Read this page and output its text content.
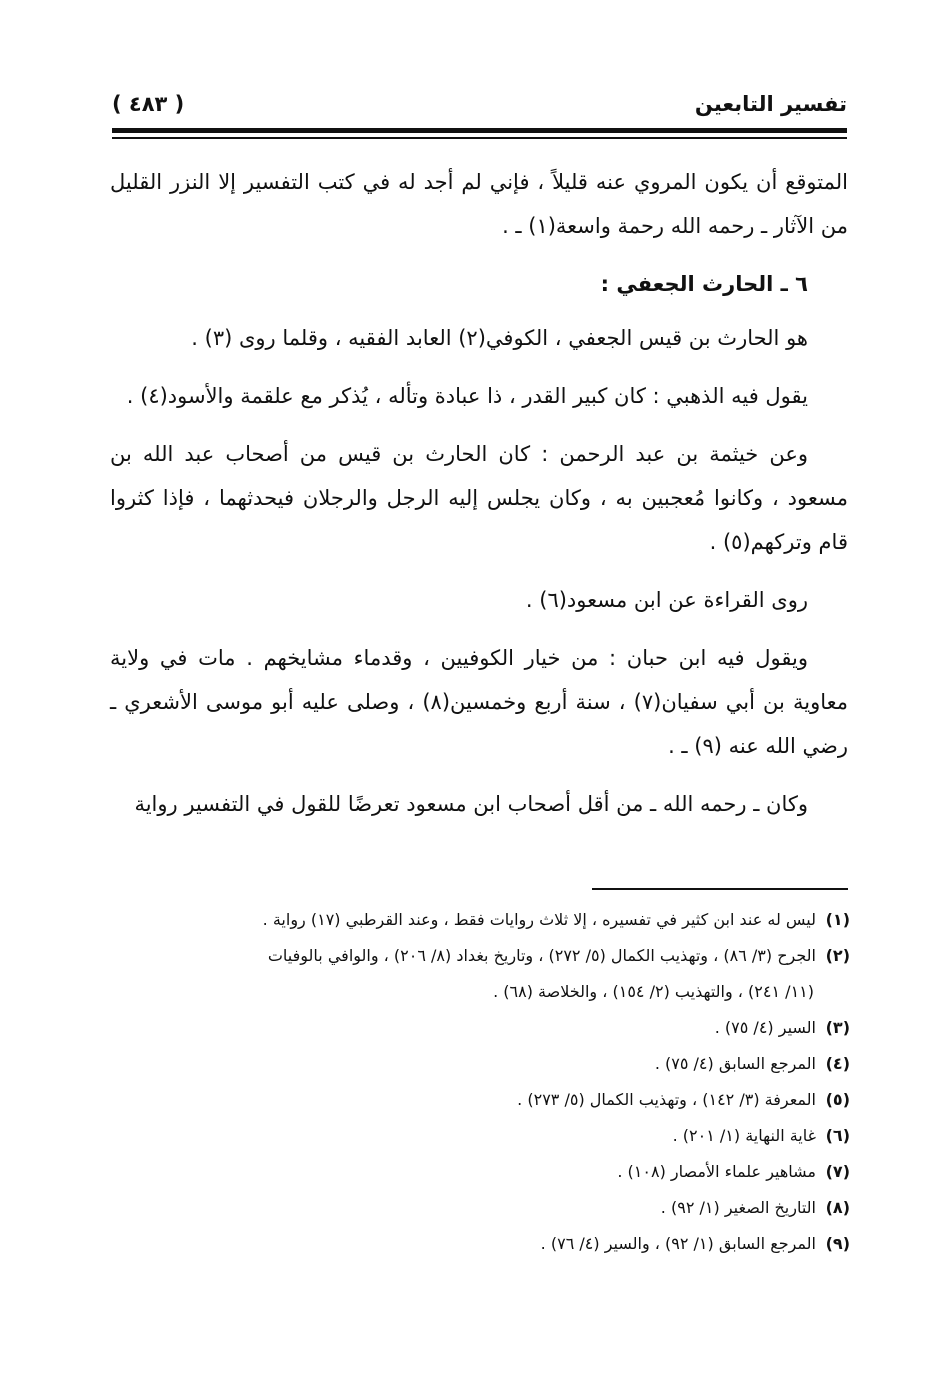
تفسير التابعين
( ٤٨٣ )

المتوقع أن يكون المروي عنه قليلاً ، فإني لم أجد له في كتب التفسير إلا النزر القليل من الآثار ـ رحمه الله رحمة واسعة(١) ـ .

٦ ـ الحارث الجعفي :

هو الحارث بن قيس الجعفي ، الكوفي(٢) العابد الفقيه ، وقلما روى (٣) .

يقول فيه الذهبي : كان كبير القدر ، ذا عبادة وتأله ، يُذكر مع علقمة والأسود(٤) .

وعن خيثمة بن عبد الرحمن : كان الحارث بن قيس من أصحاب عبد الله بن مسعود ، وكانوا مُعجبين به ، وكان يجلس إليه الرجل والرجلان فيحدثهما ، فإذا كثروا قام وتركهم(٥) .

روى القراءة عن ابن مسعود(٦) .

ويقول فيه ابن حبان : من خيار الكوفيين ، وقدماء مشايخهم . مات في ولاية معاوية بن أبي سفيان(٧) ، سنة أربع وخمسين(٨) ، وصلى عليه أبو موسى الأشعري ـ رضي الله عنه (٩) ـ .

وكان ـ رحمه الله ـ من أقل أصحاب ابن مسعود تعرضًا للقول في التفسير رواية

(١)ليس له عند ابن كثير في تفسيره ، إلا ثلاث روايات فقط ، وعند القرطبي (١٧) رواية .

(٢)الجرح (٣/ ٨٦) ، وتهذيب الكمال (٥/ ٢٧٢) ، وتاريخ بغداد (٨/ ٢٠٦) ، والوافي بالوفيات

(١١/ ٢٤١) ، والتهذيب (٢/ ١٥٤) ، والخلاصة (٦٨) .

(٣)السير (٤/ ٧٥) .

(٤)المرجع السابق (٤/ ٧٥) .

(٥)المعرفة (٣/ ١٤٢) ، وتهذيب الكمال (٥/ ٢٧٣) .

(٦)غاية النهاية (١/ ٢٠١) .

(٧)مشاهير علماء الأمصار (١٠٨) .

(٨)التاريخ الصغير (١/ ٩٢) .

(٩)المرجع السابق (١/ ٩٢) ، والسير (٤/ ٧٦) .
